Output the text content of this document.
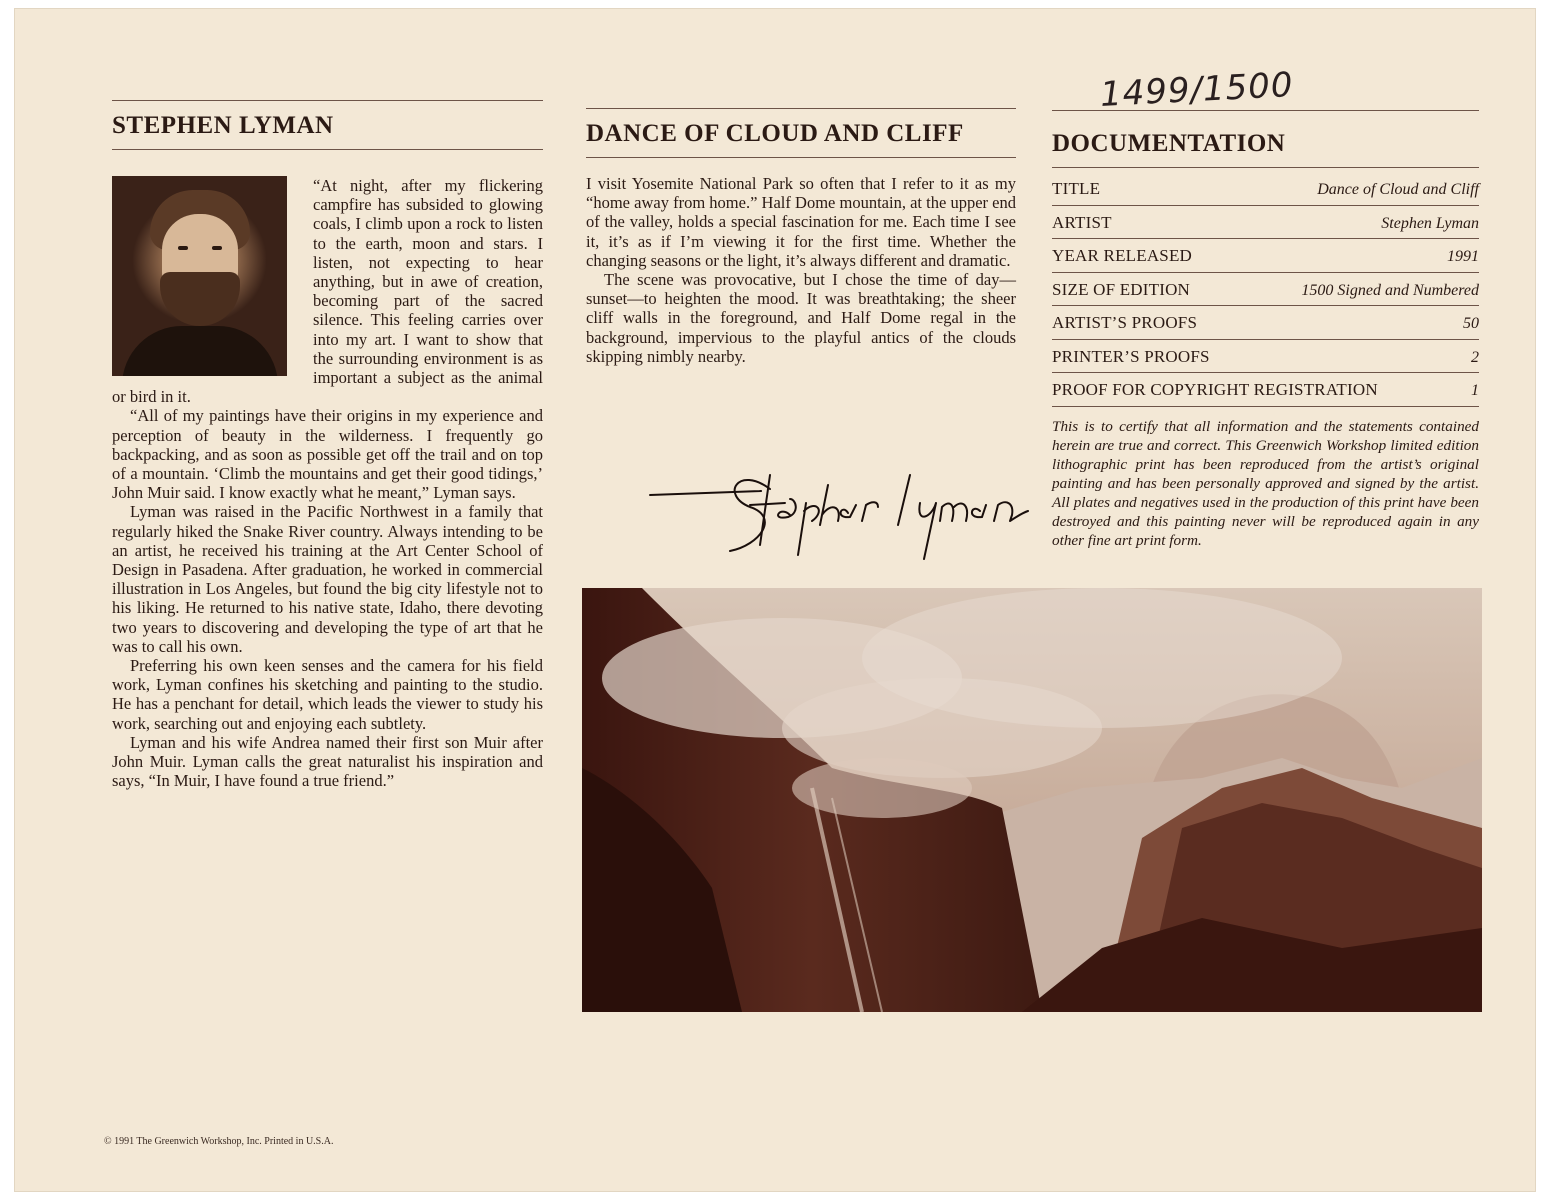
STEPHEN LYMAN

“At night, after my flickering campfire has subsided to glowing coals, I climb upon a rock to listen to the earth, moon and stars. I listen, not expecting to hear anything, but in awe of creation, becoming part of the sacred silence. This feeling carries over into my art. I want to show that the surrounding environment is as important a subject as the animal or bird in it.

“All of my paintings have their origins in my experience and perception of beauty in the wilderness. I frequently go backpacking, and as soon as possible get off the trail and on top of a mountain. ‘Climb the mountains and get their good tidings,’ John Muir said. I know exactly what he meant,” Lyman says.

Lyman was raised in the Pacific Northwest in a family that regularly hiked the Snake River country. Always intending to be an artist, he received his training at the Art Center School of Design in Pasadena. After graduation, he worked in commercial illustration in Los Angeles, but found the big city lifestyle not to his liking. He returned to his native state, Idaho, there devoting two years to discovering and developing the type of art that he was to call his own.

Preferring his own keen senses and the camera for his field work, Lyman confines his sketching and painting to the studio. He has a penchant for detail, which leads the viewer to study his work, searching out and enjoying each subtlety.

Lyman and his wife Andrea named their first son Muir after John Muir. Lyman calls the great naturalist his inspiration and says, “In Muir, I have found a true friend.”

DANCE OF CLOUD AND CLIFF

I visit Yosemite National Park so often that I refer to it as my “home away from home.” Half Dome mountain, at the upper end of the valley, holds a special fascination for me. Each time I see it, it’s as if I’m viewing it for the first time. Whether the changing seasons or the light, it’s always different and dramatic.

The scene was provocative, but I chose the time of day—sunset—to heighten the mood. It was breathtaking; the sheer cliff walls in the foreground, and Half Dome regal in the background, impervious to the playful antics of the clouds skipping nimbly nearby.

1499/1500
DOCUMENTATION
TITLE	Dance of Cloud and Cliff
ARTIST	Stephen Lyman
YEAR RELEASED	1991
SIZE OF EDITION	1500 Signed and Numbered
ARTIST’S PROOFS	50
PRINTER’S PROOFS	2
PROOF FOR COPYRIGHT REGISTRATION	1
This is to certify that all information and the statements contained herein are true and correct. This Greenwich Workshop limited edition lithographic print has been reproduced from the artist’s original painting and has been personally approved and signed by the artist. All plates and negatives used in the production of this print have been destroyed and this painting never will be reproduced again in any other fine art print form.
© 1991 The Greenwich Workshop, Inc. Printed in U.S.A.
